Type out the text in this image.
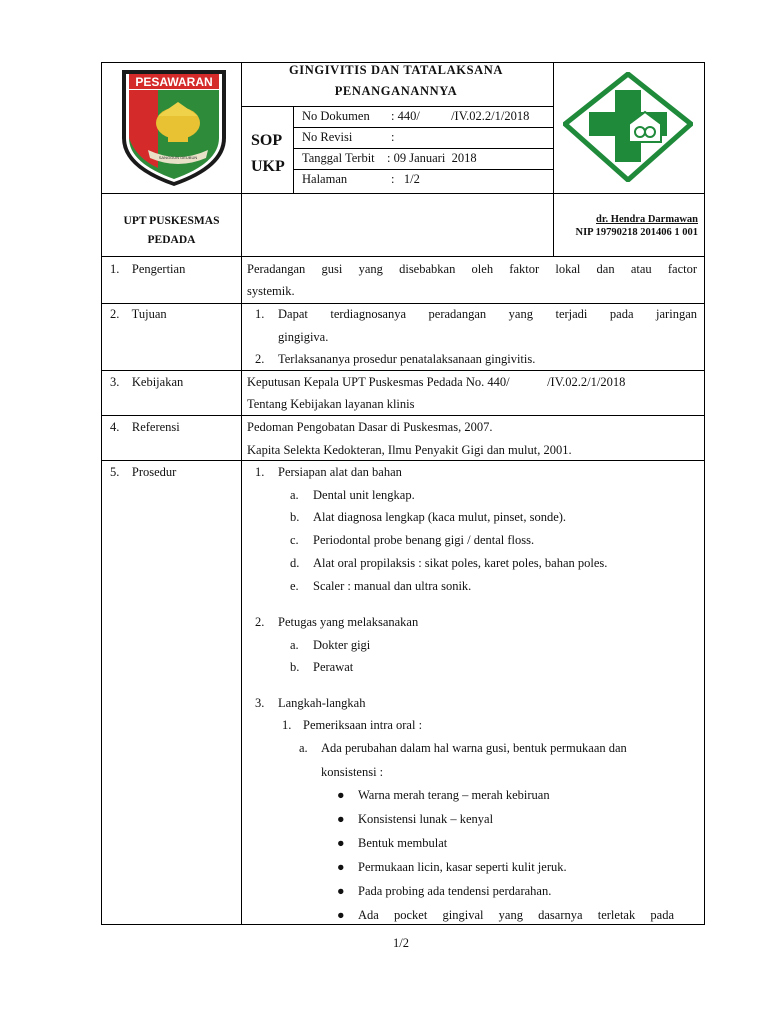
PESAWARAN
SANGGUN GEUBUN
GINGIVITIS DAN TATALAKSANA
PENANGANANNYA
SOP
UKP
No Dokumen : 440/          /IV.02.2/1/2018
No Revisi	:
Tanggal Terbit : 09 Januari  2018
Halaman	:   1/2
UPT PUSKESMAS
PEDADA
dr. Hendra Darmawan
NIP 19790218 201406 1 001
1.    Pengertian	Peradangan gusi yang disebabkan oleh faktor lokal dan atau factor
systemik.
2.    Tujuan	1. Dapat terdiagnosanya peradangan yang terjadi pada jaringan
gingigiva.
2. Terlaksananya prosedur penatalaksanaan gingivitis.
3.    Kebijakan	Keputusan Kepala UPT Puskesmas Pedada No. 440/            /IV.02.2/1/2018
Tentang Kebijakan layanan klinis
4.    Referensi	Pedoman Pengobatan Dasar di Puskesmas, 2007.
Kapita Selekta Kedokteran, Ilmu Penyakit Gigi dan mulut, 2001.
5.    Prosedur	1. Persiapan alat dan bahan
a. Dental unit lengkap.
b. Alat diagnosa lengkap (kaca mulut, pinset, sonde).
c. Periodontal probe benang gigi / dental floss.
d. Alat oral propilaksis : sikat poles, karet poles, bahan poles.
e. Scaler : manual dan ultra sonik.
2. Petugas yang melaksanakan
a. Dokter gigi
b. Perawat
3. Langkah-langkah
1. Pemeriksaan intra oral :
a. Ada perubahan dalam hal warna gusi, bentuk permukaan dan
konsistensi :
● Warna merah terang – merah kebiruan
● Konsistensi lunak – kenyal
● Bentuk membulat
● Permukaan licin, kasar seperti kulit jeruk.
● Pada probing ada tendensi perdarahan.
● Ada pocket gingival yang dasarnya terletak pada
1/2
